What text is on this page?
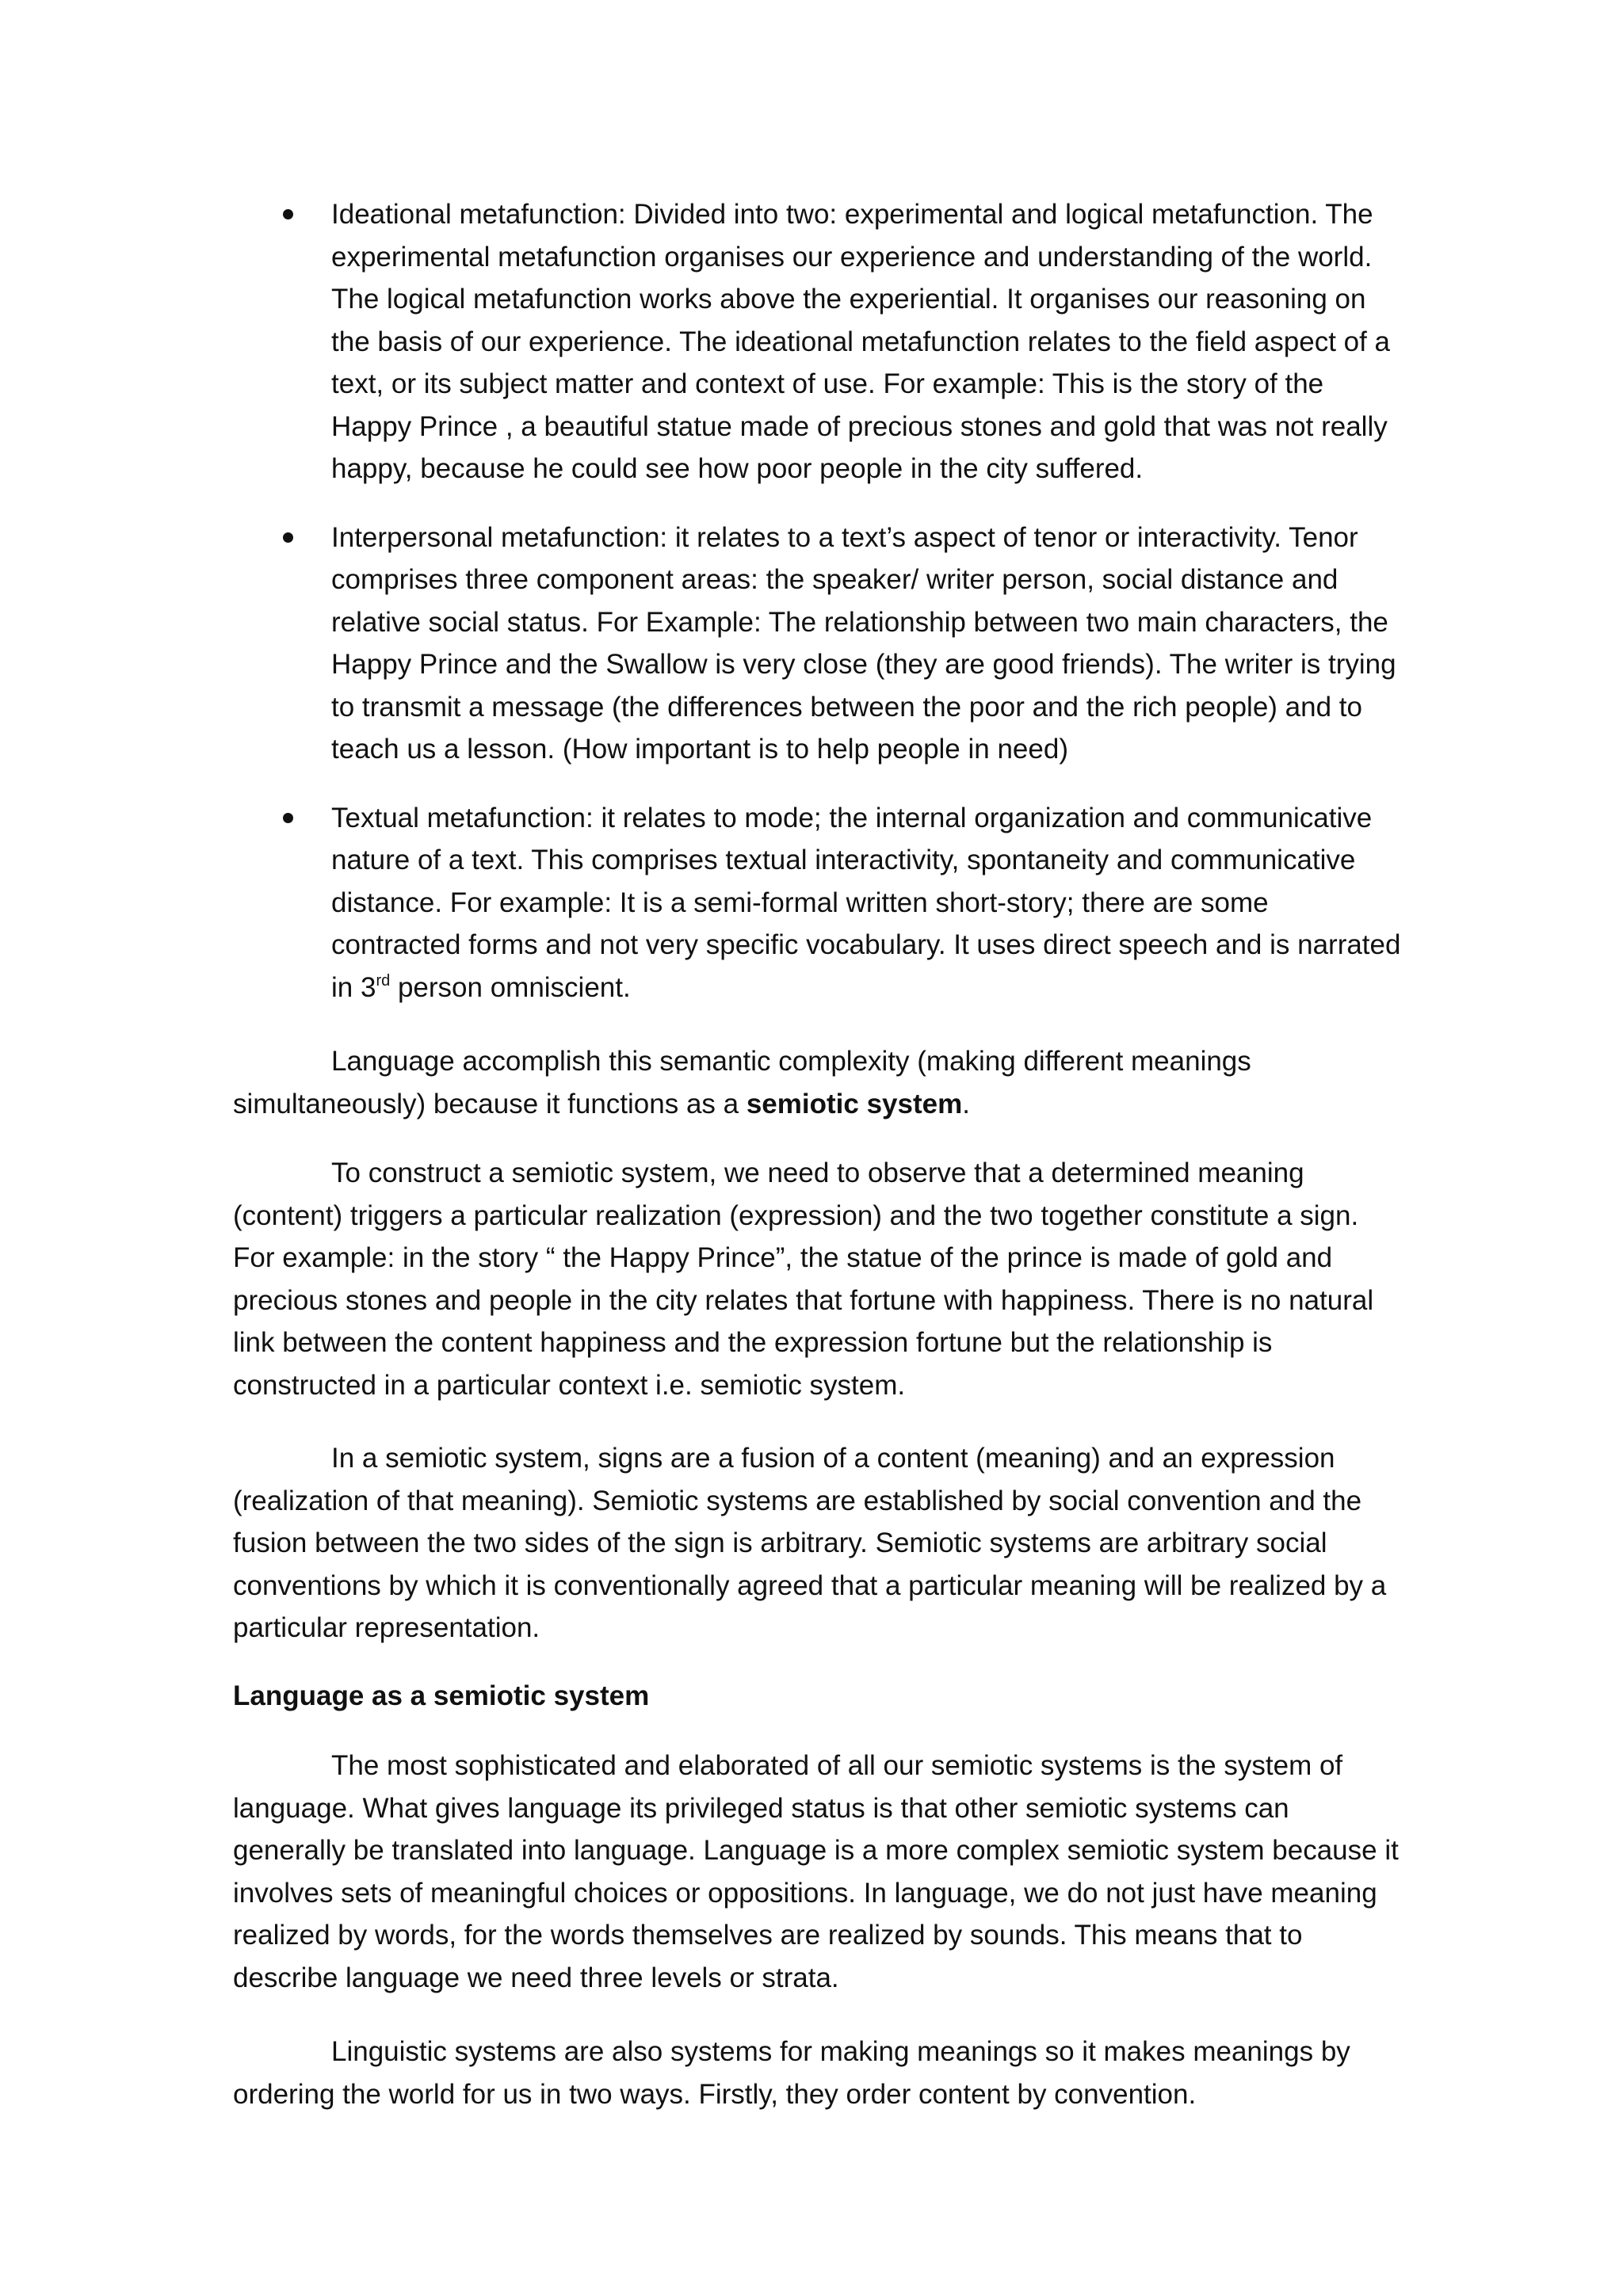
Ideational metafunction: Divided into two: experimental and logical metafunction. The experimental metafunction organises our experience and understanding of the world. The logical metafunction works above the experiential. It organises our reasoning on the basis of our experience. The ideational metafunction relates to the field aspect of a text, or its subject matter and context of use. For example: This is the story of the Happy Prince , a beautiful statue made of precious stones and gold that was not really happy, because he could see how poor people in the city suffered.
Interpersonal metafunction: it relates to a text’s aspect of tenor or interactivity. Tenor comprises three component areas: the speaker/ writer person, social distance and relative social status. For Example: The relationship between two main characters, the Happy Prince and the Swallow is very close (they are good friends). The writer is trying to transmit a message (the differences between the poor and the rich people) and to teach us a lesson. (How important is to help people in need)
Textual metafunction: it relates to mode; the internal organization and communicative nature of a text. This comprises textual interactivity, spontaneity and communicative distance. For example: It is a semi-formal written short-story; there are some contracted forms and not very specific vocabulary. It uses direct speech and is narrated in 3rd person omniscient.

Language accomplish this semantic complexity (making different meanings simultaneously) because it functions as a semiotic system.

To construct a semiotic system, we need to observe that a determined meaning (content) triggers a particular realization (expression) and the two together constitute a sign. For example: in the story “ the Happy Prince”, the statue of the prince is made of gold and precious stones and people in the city relates that fortune with happiness. There is no natural link between the content happiness and the expression fortune but the relationship is constructed in a particular context i.e. semiotic system.

In a semiotic system, signs are a fusion of a content (meaning) and an expression (realization of that meaning). Semiotic systems are established by social convention and the fusion between the two sides of the sign is arbitrary. Semiotic systems are arbitrary social conventions by which it is conventionally agreed that a particular meaning will be realized by a particular representation.

Language as a semiotic system

The most sophisticated and elaborated of all our semiotic systems is the system of language. What gives language its privileged status is that other semiotic systems can generally be translated into language. Language is a more complex semiotic system because it involves sets of meaningful choices or oppositions. In language, we do not just have meaning realized by words, for the words themselves are realized by sounds. This means that to describe language we need three levels or strata.

Linguistic systems are also systems for making meanings so it makes meanings by ordering the world for us in two ways. Firstly, they order content by convention.
